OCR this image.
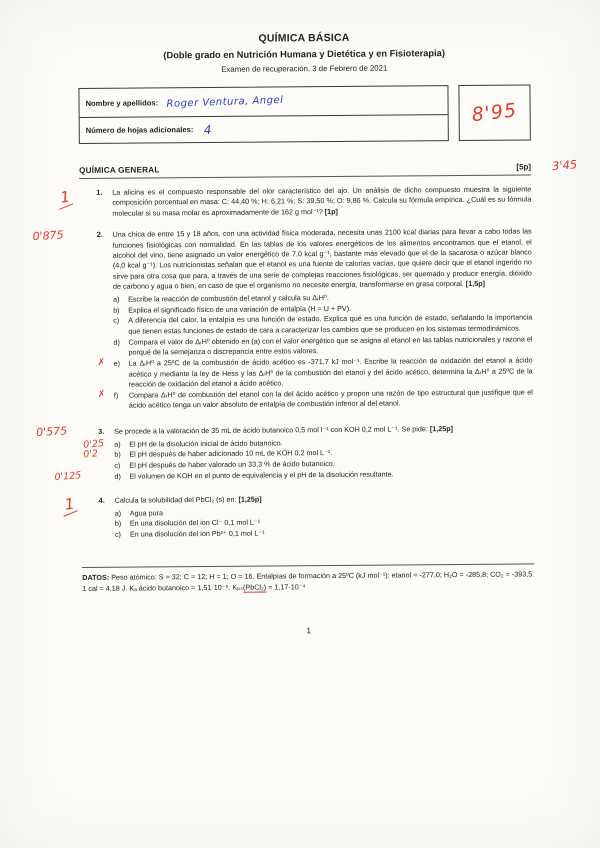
QUÍMICA BÁSICA
(Doble grado en Nutrición Humana y Dietética y en Fisioterapia)
Examen de recuperación. 3 de Febrero de 2021
Nombre y apellidos: Roger Ventura, Angel
Número de hojas adicionales: 4
8'95
QUÍMICA GENERAL	[5p] 3'45
1	1.	La alicina es el compuesto responsable del olor característico del ajo. Un análisis de dicho compuesto muestra la siguiente composición porcentual en masa: C: 44,40 %; H: 6,21 %; S: 39,50 %; O: 9,86 %. Calcula su fórmula empírica. ¿Cuál es su fórmula molecular si su masa molar es aproximadamente de 162 g mol⁻¹? [1p]

0'875	2.	Una chica de entre 15 y 18 años, con una actividad física moderada, necesita unas 2100 kcal diarias para llevar a cabo todas las funciones fisiológicas con normalidad. En las tablas de los valores energéticos de los alimentos encontramos que el etanol, el alcohol del vino, tiene asignado un valor energético de 7,0 kcal g⁻¹, bastante más elevado que el de la sacarosa o azúcar blanco (4,0 kcal g⁻¹). Los nutricionistas señalan que el etanol es una fuente de calorías vacías, que quiere decir que el etanol ingerido no sirve para otra cosa que para, a través de una serie de complejas reacciones fisiológicas, ser quemado y producir energía, dióxido de carbono y agua o bien, en caso de que el organismo no necesite energía, transformarse en grasa corporal. [1,5p]

a)	Escribe la reacción de combustión del etanol y calcula su ΔᵣH⁰.
b)	Explica el significado físico de una variación de entalpía (H = U + PV).
c)	A diferencia del calor, la entalpía es una función de estado. Explica qué es una función de estado, señalando la importancia que tienen estas funciones de estado de cara a caracterizar los cambios que se producen en los sistemas termodinámicos.
d)	Compara el valor de ΔᵣH⁰ obtenido en (a) con el valor energético que se asigna al etanol en las tablas nutricionales y razona el porqué de la semejanza o discrepancia entre estos valores.
✗ e)	La ΔᵣH⁰ a 25ºC de la combustión de ácido acético es -371,7 kJ mol⁻¹. Escribe la reacción de oxidación del etanol a ácido acético y mediante la ley de Hess y las ΔᵣH⁰ de la combustión del etanol y del ácido acético, determina la ΔᵣH⁰ a 25ºC de la reacción de oxidación del etanol a ácido acético.
✗ f)	Compara ΔᵣH⁰ de combustión del etanol con la del ácido acético y propon una razón de tipo estructural que justifique que el ácido acético tenga un valor absoluto de entalpía de combustión inferior al del etanol.
0'575	3.	Se procede a la valoración de 35 mL de ácido butanoico 0,5 mol l⁻¹ con KOH 0,2 mol L⁻¹. Se pide: [1,25p]

0'25 a)	El pH de la disolución inicial de ácido butanoico.
0'2 b)	El pH después de haber adicionado 10 mL de KOH 0,2 mol L⁻¹.
c)	El pH después de haber valorado un 33,3 % de ácido butanoico.
0'125	d)	El volumen de KOH en el punto de equivalencia y el pH de la disolución resultante.
1	4.	Calcula la solubilidad del PbCl₂ (s) en: [1,25p]

a)	Agua pura
b)	En una disolución del ion Cl⁻ 0,1 mol L⁻¹
c)	En una disolución del ion Pb²⁺ 0,1 mol L⁻¹
DATOS: Peso atómico: S = 32; C = 12; H = 1; O = 16. Entalpías de formación a 25ºC (kJ mol⁻¹): etanol = -277,0; H₂O = -285,8; CO₂ = -393,5. 1 cal = 4,18 J. Kₐ ácido butanoico = 1,51·10⁻⁵. Kₚₛ(PbCl₂) = 1,17·10⁻⁴
1
